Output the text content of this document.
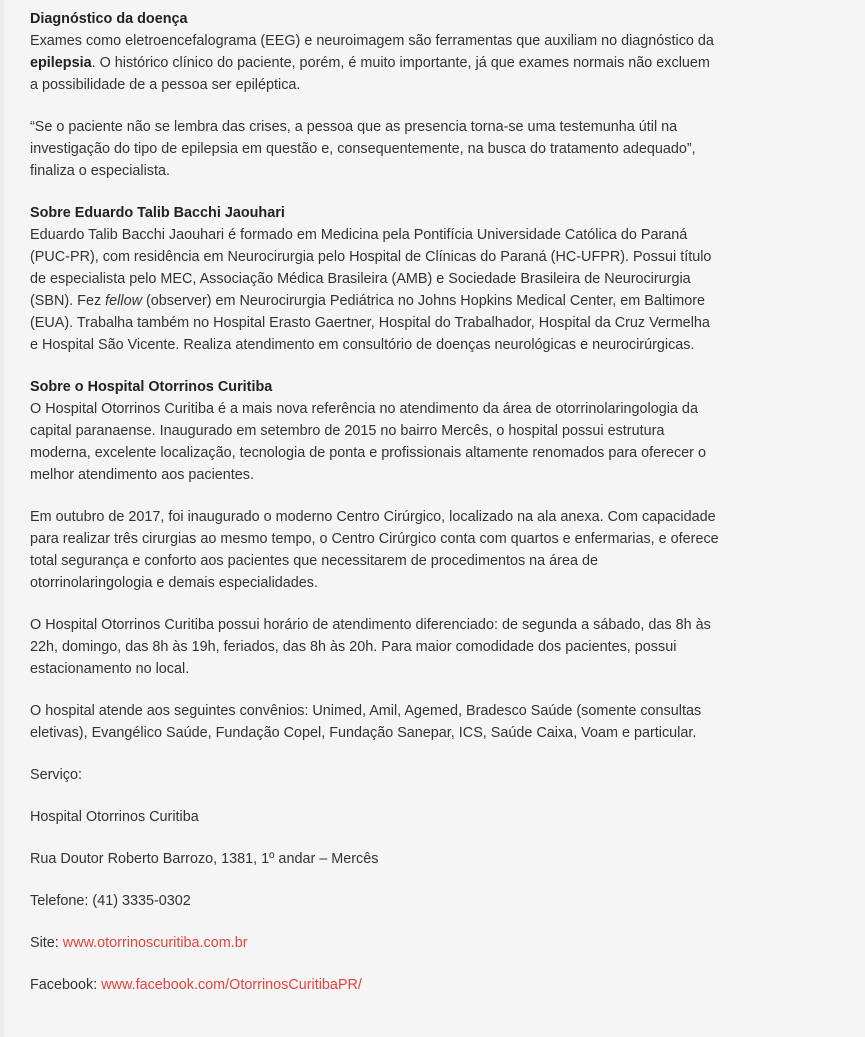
Diagnóstico da doença
Exames como eletroencefalograma (EEG) e neuroimagem são ferramentas que auxiliam no diagnóstico da epilepsia. O histórico clínico do paciente, porém, é muito importante, já que exames normais não excluem a possibilidade de a pessoa ser epiléptica.

“Se o paciente não se lembra das crises, a pessoa que as presencia torna-se uma testemunha útil na investigação do tipo de epilepsia em questão e, consequentemente, na busca do tratamento adequado”, finaliza o especialista.

Sobre Eduardo Talib Bacchi Jaouhari
Eduardo Talib Bacchi Jaouhari é formado em Medicina pela Pontifícia Universidade Católica do Paraná (PUC-PR), com residência em Neurocirurgia pelo Hospital de Clínicas do Paraná (HC-UFPR). Possui título de especialista pelo MEC, Associação Médica Brasileira (AMB) e Sociedade Brasileira de Neurocirurgia (SBN). Fez fellow (observer) em Neurocirurgia Pediátrica no Johns Hopkins Medical Center, em Baltimore (EUA). Trabalha também no Hospital Erasto Gaertner, Hospital do Trabalhador, Hospital da Cruz Vermelha e Hospital São Vicente. Realiza atendimento em consultório de doenças neurológicas e neurocirúrgicas.

Sobre o Hospital Otorrinos Curitiba
O Hospital Otorrinos Curitiba é a mais nova referência no atendimento da área de otorrinolaringologia da capital paranaense. Inaugurado em setembro de 2015 no bairro Mercês, o hospital possui estrutura moderna, excelente localização, tecnologia de ponta e profissionais altamente renomados para oferecer o melhor atendimento aos pacientes.

Em outubro de 2017, foi inaugurado o moderno Centro Cirúrgico, localizado na ala anexa. Com capacidade para realizar três cirurgias ao mesmo tempo, o Centro Cirúrgico conta com quartos e enfermarias, e oferece total segurança e conforto aos pacientes que necessitarem de procedimentos na área de otorrinolaringologia e demais especialidades.

O Hospital Otorrinos Curitiba possui horário de atendimento diferenciado: de segunda a sábado, das 8h às 22h, domingo, das 8h às 19h, feriados, das 8h às 20h. Para maior comodidade dos pacientes, possui estacionamento no local.

O hospital atende aos seguintes convênios: Unimed, Amil, Agemed, Bradesco Saúde (somente consultas eletivas), Evangélico Saúde, Fundação Copel, Fundação Sanepar, ICS, Saúde Caixa, Voam e particular.

Serviço:

Hospital Otorrinos Curitiba

Rua Doutor Roberto Barrozo, 1381, 1º andar – Mercês

Telefone: (41) 3335-0302

Site: www.otorrinoscuritiba.com.br

Facebook: www.facebook.com/OtorrinosCuritibaPR/
